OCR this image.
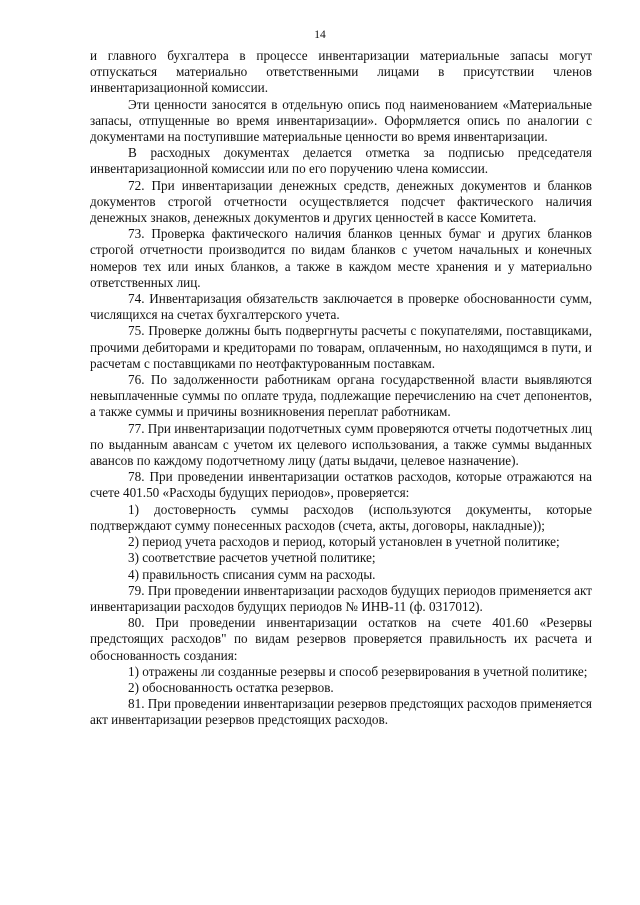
14

и главного бухгалтера в процессе инвентаризации материальные запасы могут отпускаться материально ответственными лицами в присутствии членов инвентаризационной комиссии.

Эти ценности заносятся в отдельную опись под наименованием «Материальные запасы, отпущенные во время инвентаризации». Оформляется опись по аналогии с документами на поступившие материальные ценности во время инвентаризации.

В расходных документах делается отметка за подписью председателя инвентаризационной комиссии или по его поручению члена комиссии.

72. При инвентаризации денежных средств, денежных документов и бланков документов строгой отчетности осуществляется подсчет фактического наличия денежных знаков, денежных документов и других ценностей в кассе Комитета.

73. Проверка фактического наличия бланков ценных бумаг и других бланков строгой отчетности производится по видам бланков с учетом начальных и конечных номеров тех или иных бланков, а также в каждом месте хранения и у материально ответственных лиц.

74. Инвентаризация обязательств заключается в проверке обоснованности сумм, числящихся на счетах бухгалтерского учета.

75. Проверке должны быть подвергнуты расчеты с покупателями, поставщиками, прочими дебиторами и кредиторами по товарам, оплаченным, но находящимся в пути, и расчетам с поставщиками по неотфактурованным поставкам.

76. По задолженности работникам органа государственной власти выявляются невыплаченные суммы по оплате труда, подлежащие перечислению на счет депонентов, а также суммы и причины возникновения переплат работникам.

77. При инвентаризации подотчетных сумм проверяются отчеты подотчетных лиц по выданным авансам с учетом их целевого использования, а также суммы выданных авансов по каждому подотчетному лицу (даты выдачи, целевое назначение).

78. При проведении инвентаризации остатков расходов, которые отражаются на счете 401.50 «Расходы будущих периодов», проверяется:

1) достоверность суммы расходов (используются документы, которые подтверждают сумму понесенных расходов (счета, акты, договоры, накладные));

2) период учета расходов и период, который установлен в учетной политике;

3) соответствие расчетов учетной политике;

4) правильность списания сумм на расходы.

79. При проведении инвентаризации расходов будущих периодов применяется акт инвентаризации расходов будущих периодов № ИНВ-11 (ф. 0317012).

80. При проведении инвентаризации остатков на счете 401.60 «Резервы предстоящих расходов" по видам резервов проверяется правильность их расчета и обоснованность создания:

1) отражены ли созданные резервы и способ резервирования в учетной политике;

2) обоснованность остатка резервов.

81. При проведении инвентаризации резервов предстоящих расходов применяется акт инвентаризации резервов предстоящих расходов.
